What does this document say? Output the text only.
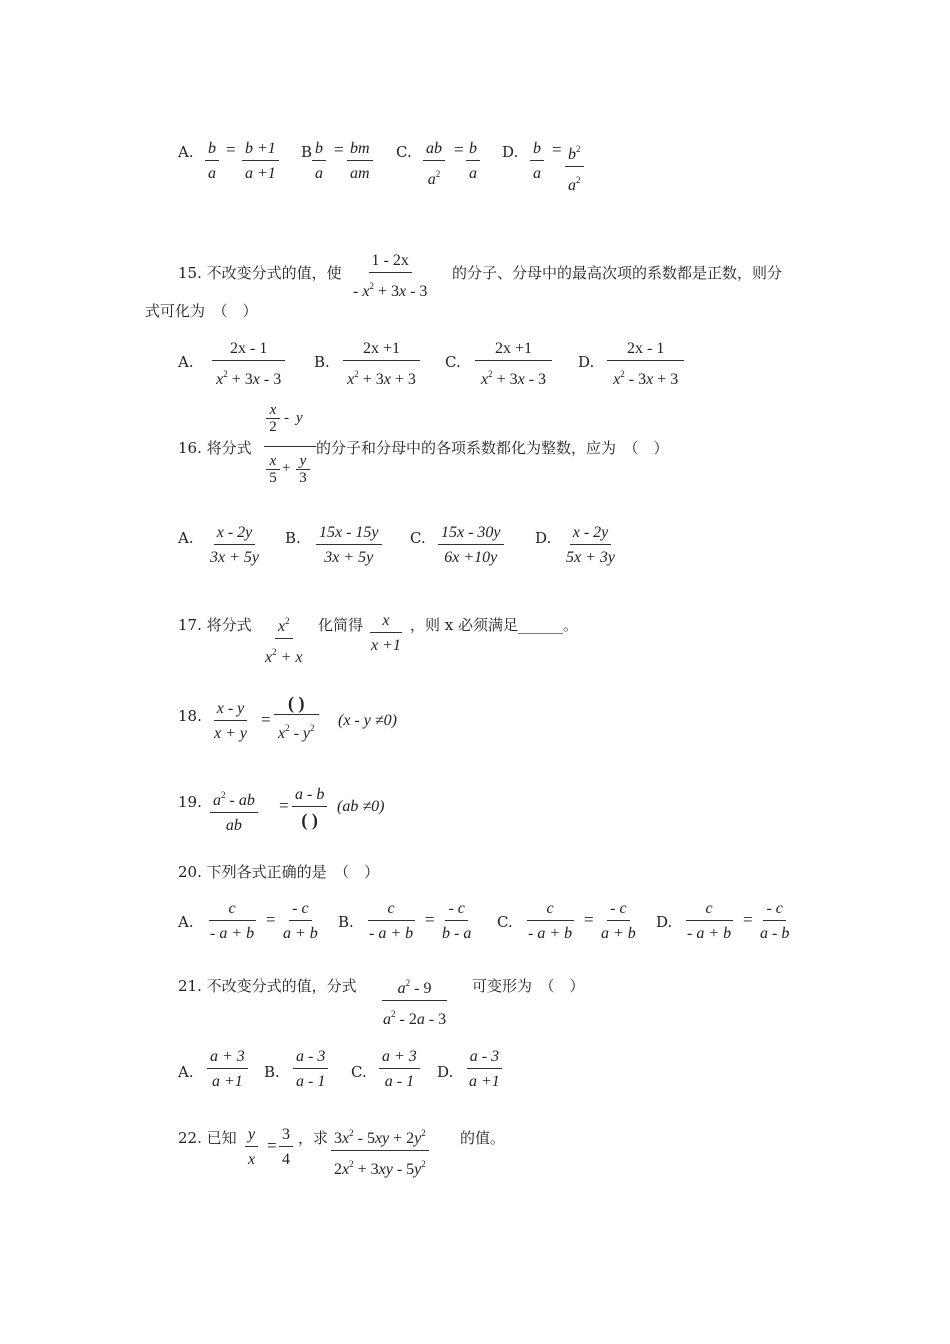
A. b
a
= b +1
a +1
B b
a
= bm
am
C. ab
$a^2$
= b
a
D. b
a
= $b^2$
$a^2$
15. 不改变分式的值，使
1 - 2x
- $x^2 + 3x - 3$
的分子、分母中的最高次项的系数都是正数，则分
式可化为　（　）
A.
2x - 1
$x^2 + 3x - 3$
B.
2x +1
$x^2 + 3x + 3$
C.
2x +1
$x^2 + 3x - 3$
D.
2x - 1
$x^2 - 3x + 3$
16. 将分式
x
2
- y
x
5
+ y
3
的分子和分母中的各项系数都化为整数，应为　（　）
A. x - 2y
3x + 5y
B. 15x - 15y
3x + 5y
C. 15x - 30y
6x +10y
D. x - 2y
5x + 3y
17. 将分式 $x^2$
$x^2 + x$
化简得	x
x +1
，则 x 必须满足______。
18. x - y
x + y
=
( )
$x^2 - y^2$ (x - y ≠0)
19. $a^2$ - ab
ab
=
a - b
( )
(ab ≠0)
20. 下列各式正确的是　（　）
A.
c
- a + b
=
- c
a + b
B.
c
- a + b
=
- c
b - a
C.
c
- a + b
=
- c
a + b
D.
c
- a + b
=
- c
a - b
21. 不改变分式的值，分式	$a^2 - 9$
$a^2 - 2a - 3$
可变形为　（　）
A.
a + 3
a +1
B.
a - 3
a - 1
C.
a + 3
a - 1
D.
a - 3
a +1
22. 已知 y
x
=
3
4
，求 $3x^2 - 5xy + 2y^2$
$2x^2 + 3xy - 5y^2$
的值。
